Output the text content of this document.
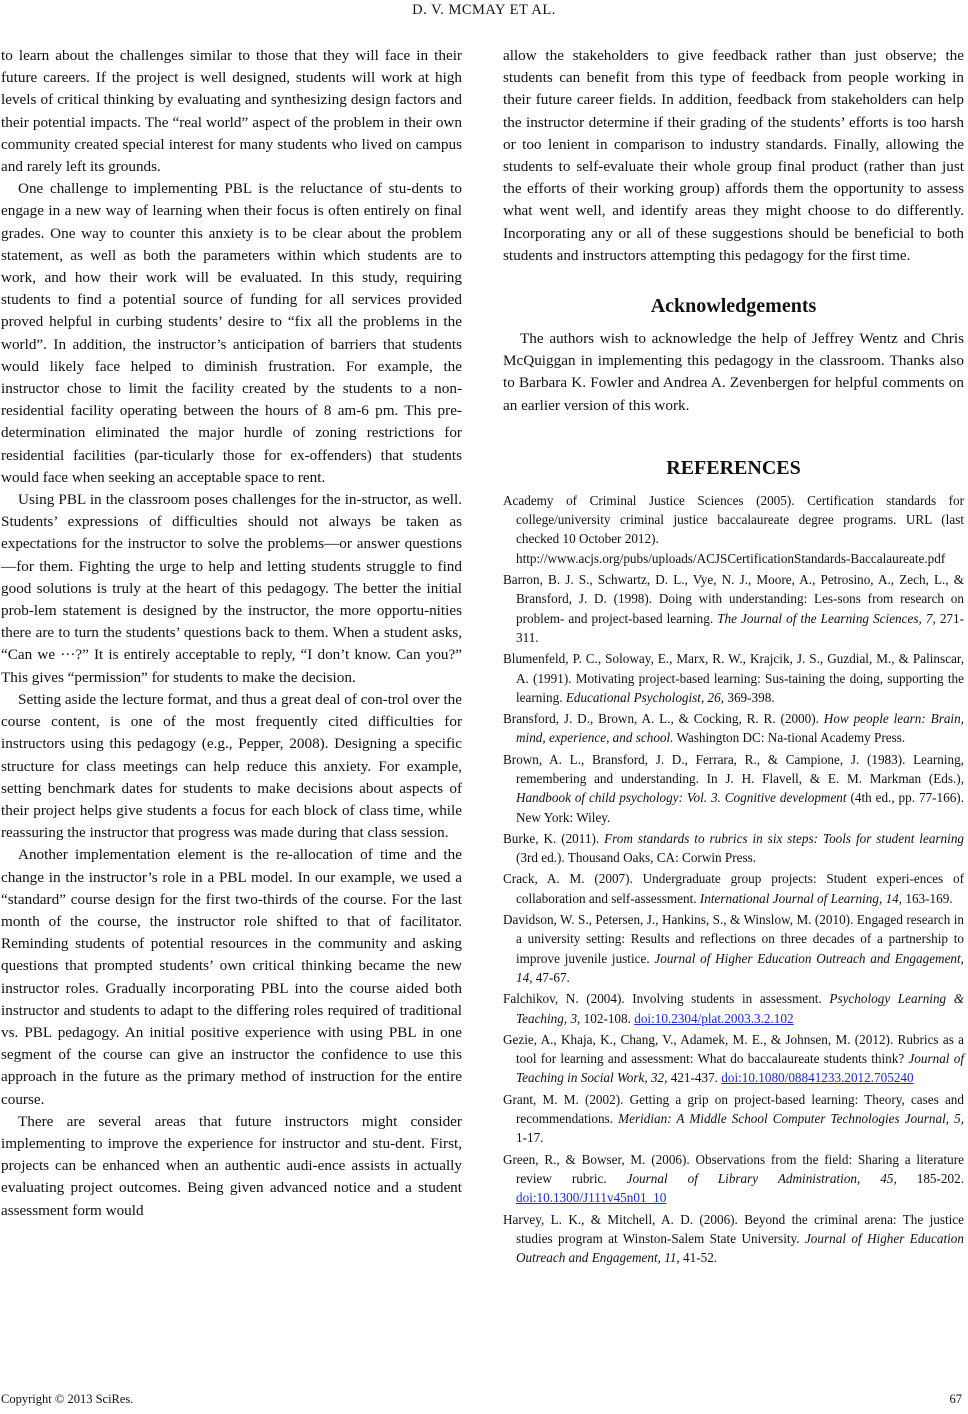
D. V. MCMAY ET AL.

to learn about the challenges similar to those that they will face in their future careers. If the project is well designed, students will work at high levels of critical thinking by evaluating and synthesizing design factors and their potential impacts. The “real world” aspect of the problem in their own community created special interest for many students who lived on campus and rarely left its grounds.

One challenge to implementing PBL is the reluctance of stu-dents to engage in a new way of learning when their focus is often entirely on final grades. One way to counter this anxiety is to be clear about the problem statement, as well as both the parameters within which students are to work, and how their work will be evaluated. In this study, requiring students to find a potential source of funding for all services provided proved helpful in curbing students’ desire to “fix all the problems in the world”. In addition, the instructor’s anticipation of barriers that students would likely face helped to diminish frustration. For example, the instructor chose to limit the facility created by the students to a non-residential facility operating between the hours of 8 am-6 pm. This pre-determination eliminated the major hurdle of zoning restrictions for residential facilities (par-ticularly those for ex-offenders) that students would face when seeking an acceptable space to rent.

Using PBL in the classroom poses challenges for the in-structor, as well. Students’ expressions of difficulties should not always be taken as expectations for the instructor to solve the problems—or answer questions—for them. Fighting the urge to help and letting students struggle to find good solutions is truly at the heart of this pedagogy. The better the initial prob-lem statement is designed by the instructor, the more opportu-nities there are to turn the students’ questions back to them. When a student asks, “Can we ···?” It is entirely acceptable to reply, “I don’t know. Can you?” This gives “permission” for students to make the decision.

Setting aside the lecture format, and thus a great deal of con-trol over the course content, is one of the most frequently cited difficulties for instructors using this pedagogy (e.g., Pepper, 2008). Designing a specific structure for class meetings can help reduce this anxiety. For example, setting benchmark dates for students to make decisions about aspects of their project helps give students a focus for each block of class time, while reassuring the instructor that progress was made during that class session.

Another implementation element is the re-allocation of time and the change in the instructor’s role in a PBL model. In our example, we used a “standard” course design for the first two-thirds of the course. For the last month of the course, the instructor role shifted to that of facilitator. Reminding students of potential resources in the community and asking questions that prompted students’ own critical thinking became the new instructor roles. Gradually incorporating PBL into the course aided both instructor and students to adapt to the differing roles required of traditional vs. PBL pedagogy. An initial positive experience with using PBL in one segment of the course can give an instructor the confidence to use this approach in the future as the primary method of instruction for the entire course.

There are several areas that future instructors might consider implementing to improve the experience for instructor and stu-dent. First, projects can be enhanced when an authentic audi-ence assists in actually evaluating project outcomes. Being given advanced notice and a student assessment form would

allow the stakeholders to give feedback rather than just observe; the students can benefit from this type of feedback from people working in their future career fields. In addition, feedback from stakeholders can help the instructor determine if their grading of the students’ efforts is too harsh or too lenient in comparison to industry standards. Finally, allowing the students to self-evaluate their whole group final product (rather than just the efforts of their working group) affords them the opportunity to assess what went well, and identify areas they might choose to do differently. Incorporating any or all of these suggestions should be beneficial to both students and instructors attempting this pedagogy for the first time.

Acknowledgements

The authors wish to acknowledge the help of Jeffrey Wentz and Chris McQuiggan in implementing this pedagogy in the classroom. Thanks also to Barbara K. Fowler and Andrea A. Zevenbergen for helpful comments on an earlier version of this work.

REFERENCES

Academy of Criminal Justice Sciences (2005). Certification standards for college/university criminal justice baccalaureate degree programs. URL (last checked 10 October 2012).
http://www.acjs.org/pubs/uploads/ACJSCertificationStandards-Baccalaureate.pdf

Barron, B. J. S., Schwartz, D. L., Vye, N. J., Moore, A., Petrosino, A., Zech, L., & Bransford, J. D. (1998). Doing with understanding: Les-sons from research on problem- and project-based learning. The Journal of the Learning Sciences, 7, 271-311.

Blumenfeld, P. C., Soloway, E., Marx, R. W., Krajcik, J. S., Guzdial, M., & Palinscar, A. (1991). Motivating project-based learning: Sus-taining the doing, supporting the learning. Educational Psychologist, 26, 369-398.

Bransford, J. D., Brown, A. L., & Cocking, R. R. (2000). How people learn: Brain, mind, experience, and school. Washington DC: Na-tional Academy Press.

Brown, A. L., Bransford, J. D., Ferrara, R., & Campione, J. (1983). Learning, remembering and understanding. In J. H. Flavell, & E. M. Markman (Eds.), Handbook of child psychology: Vol. 3. Cognitive development (4th ed., pp. 77-166). New York: Wiley.

Burke, K. (2011). From standards to rubrics in six steps: Tools for student learning (3rd ed.). Thousand Oaks, CA: Corwin Press.

Crack, A. M. (2007). Undergraduate group projects: Student experi-ences of collaboration and self-assessment. International Journal of Learning, 14, 163-169.

Davidson, W. S., Petersen, J., Hankins, S., & Winslow, M. (2010). Engaged research in a university setting: Results and reflections on three decades of a partnership to improve juvenile justice. Journal of Higher Education Outreach and Engagement, 14, 47-67.

Falchikov, N. (2004). Involving students in assessment. Psychology Learning & Teaching, 3, 102-108. doi:10.2304/plat.2003.3.2.102

Gezie, A., Khaja, K., Chang, V., Adamek, M. E., & Johnsen, M. (2012). Rubrics as a tool for learning and assessment: What do baccalaureate students think? Journal of Teaching in Social Work, 32, 421-437. doi:10.1080/08841233.2012.705240

Grant, M. M. (2002). Getting a grip on project-based learning: Theory, cases and recommendations. Meridian: A Middle School Computer Technologies Journal, 5, 1-17.

Green, R., & Bowser, M. (2006). Observations from the field: Sharing a literature review rubric. Journal of Library Administration, 45, 185-202. doi:10.1300/J111v45n01_10

Harvey, L. K., & Mitchell, A. D. (2006). Beyond the criminal arena: The justice studies program at Winston-Salem State University. Journal of Higher Education Outreach and Engagement, 11, 41-52.

Copyright © 2013 SciRes.	67
